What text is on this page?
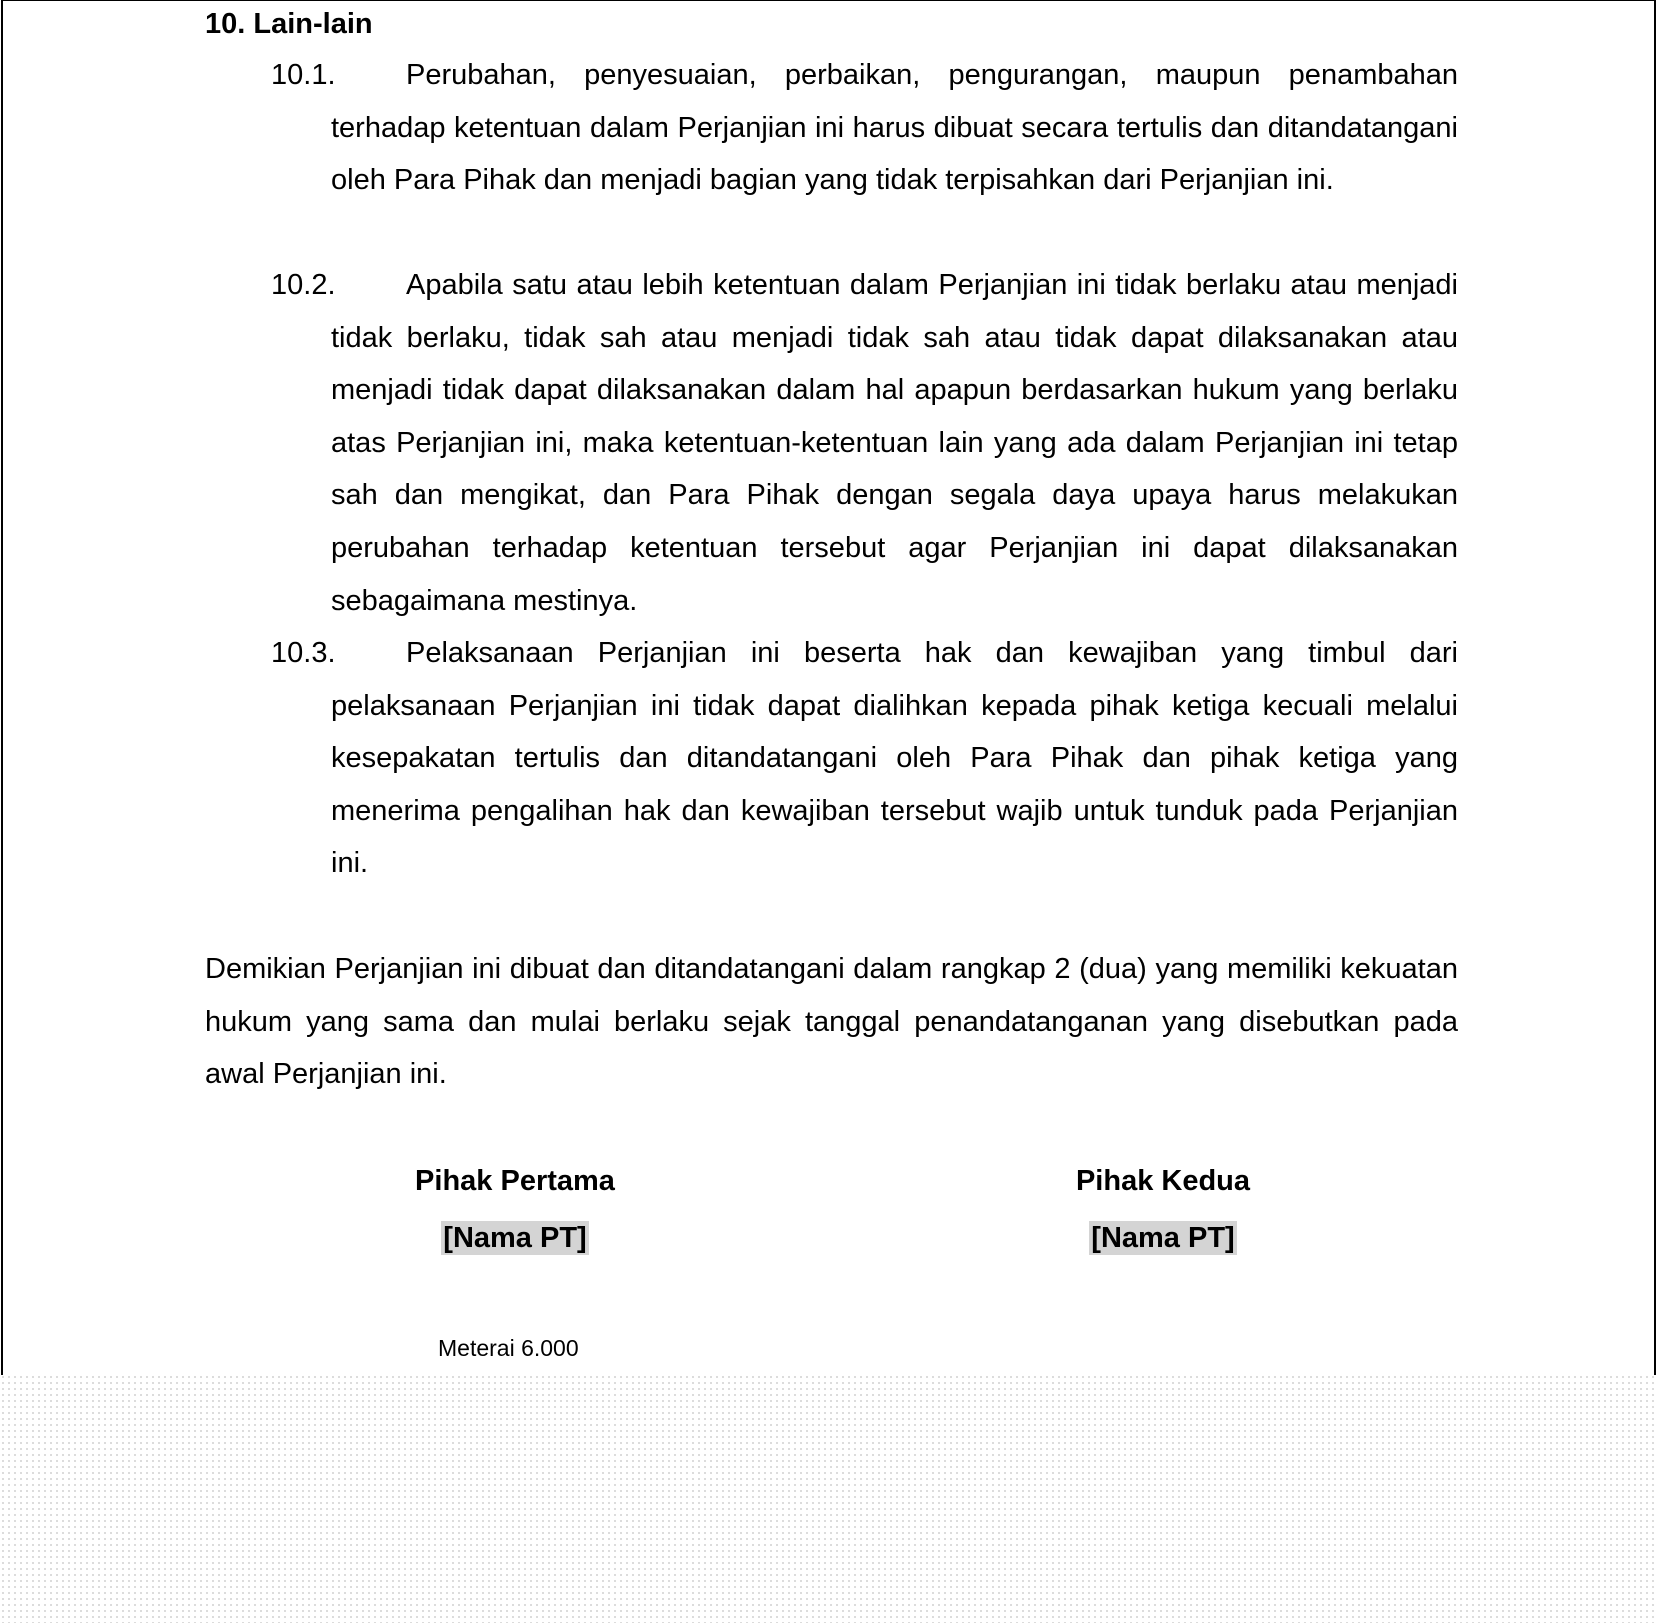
10. Lain-lain
10.1.	Perubahan, penyesuaian, perbaikan, pengurangan, maupun penambahan terhadap ketentuan dalam Perjanjian ini harus dibuat secara tertulis dan ditandatangani oleh Para Pihak dan menjadi bagian yang tidak terpisahkan dari Perjanjian ini.
10.2.	Apabila satu atau lebih ketentuan dalam Perjanjian ini tidak berlaku atau menjadi tidak berlaku, tidak sah atau menjadi tidak sah atau tidak dapat dilaksanakan atau menjadi tidak dapat dilaksanakan dalam hal apapun berdasarkan hukum yang berlaku atas Perjanjian ini, maka ketentuan-ketentuan lain yang ada dalam Perjanjian ini tetap sah dan mengikat, dan Para Pihak dengan segala daya upaya harus melakukan perubahan terhadap ketentuan tersebut agar Perjanjian ini dapat dilaksanakan sebagaimana mestinya.
10.3.	Pelaksanaan Perjanjian ini beserta hak dan kewajiban yang timbul dari pelaksanaan Perjanjian ini tidak dapat dialihkan kepada pihak ketiga kecuali melalui kesepakatan tertulis dan ditandatangani oleh Para Pihak dan pihak ketiga yang menerima pengalihan hak dan kewajiban tersebut wajib untuk tunduk pada Perjanjian ini.
Demikian Perjanjian ini dibuat dan ditandatangani dalam rangkap 2 (dua) yang memiliki kekuatan hukum yang sama dan mulai berlaku sejak tanggal penandatanganan yang disebutkan pada awal Perjanjian ini.
Pihak Pertama
[Nama PT]
Pihak Kedua
[Nama PT]
Meterai 6.000
